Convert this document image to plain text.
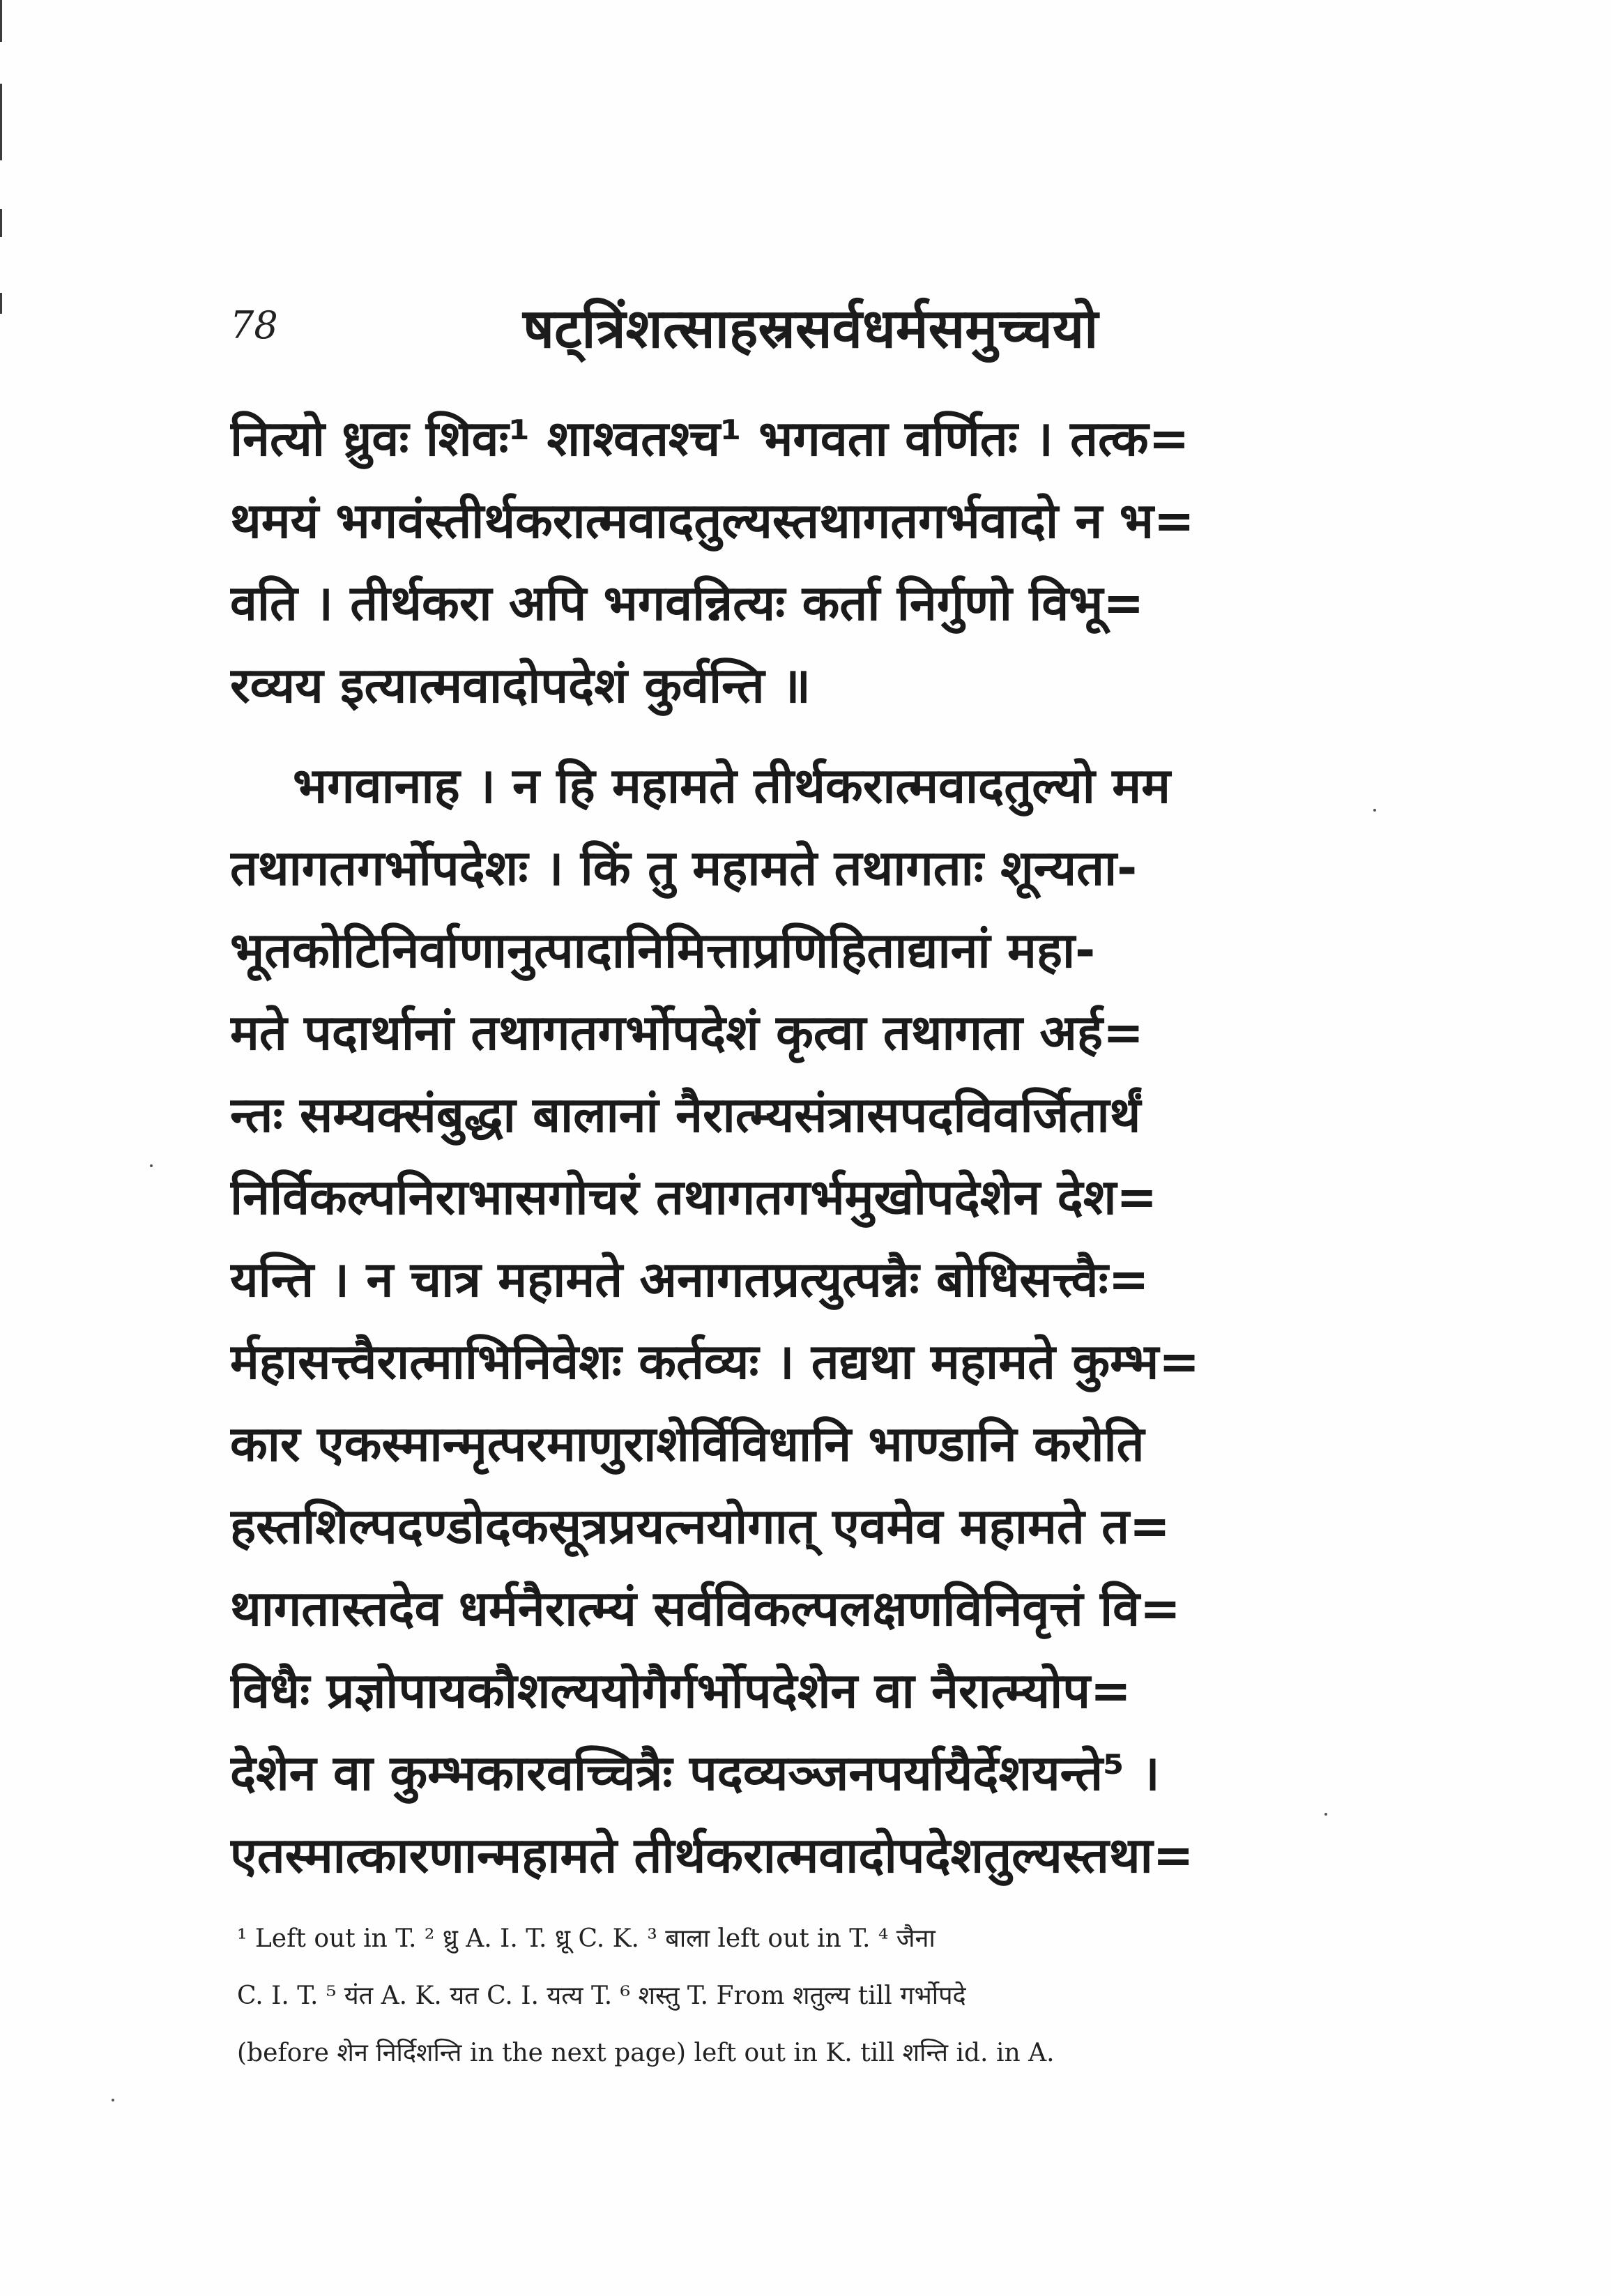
78	षट्त्रिंशत्साहस्रसर्वधर्मसमुच्चयो
नित्यो ध्रुवः शिवः¹ शाश्वतश्च¹ भगवता वर्णितः । तत्क=
थमयं भगवंस्तीर्थकरात्मवादतुल्यस्तथागतगर्भवादो न भ=
वति । तीर्थकरा अपि भगवन्नित्यः कर्ता निर्गुणो विभू=
रव्यय इत्यात्मवादोपदेशं कुर्वन्ति ॥
भगवानाह । न हि महामते तीर्थकरात्मवादतुल्यो मम
तथागतगर्भोपदेशः । किं तु महामते तथागताः शून्यता-
भूतकोटिनिर्वाणानुत्पादानिमित्ताप्रणिहिताद्यानां महा-
मते पदार्थानां तथागतगर्भोपदेशं कृत्वा तथागता अर्ह=
न्तः सम्यक्संबुद्धा बालानां नैरात्म्यसंत्रासपदविवर्जितार्थं
निर्विकल्पनिराभासगोचरं तथागतगर्भमुखोपदेशेन देश=
यन्ति । न चात्र महामते अनागतप्रत्युत्पन्नैः बोधिसत्त्वैः=
र्महासत्त्वैरात्माभिनिवेशः कर्तव्यः । तद्यथा महामते कुम्भ=
कार एकस्मान्मृत्परमाणुराशेर्विविधानि भाण्डानि करोति
हस्तशिल्पदण्डोदकसूत्रप्रयत्नयोगात् एवमेव महामते त=
थागतास्तदेव धर्मनैरात्म्यं सर्वविकल्पलक्षणविनिवृत्तं वि=
विधैः प्रज्ञोपायकौशल्ययोगैर्गर्भोपदेशेन वा नैरात्म्योप=
देशेन वा कुम्भकारवच्चित्रैः पदव्यञ्जनपर्यायैर्देशयन्ते⁵ ।
एतस्मात्कारणान्महामते तीर्थकरात्मवादोपदेशतुल्यस्तथा=
¹ Left out in T. ² ध्रु A. I. T. ध्रू C. K. ³ बाला left out in T. ⁴ जैना
C. I. T. ⁵ यंत A. K. यत C. I. यत्य T. ⁶ शस्तु T. From शतुल्य till गर्भोपदे
(before शेन निर्दिशन्ति in the next page) left out in K. till शन्ति id. in A.
